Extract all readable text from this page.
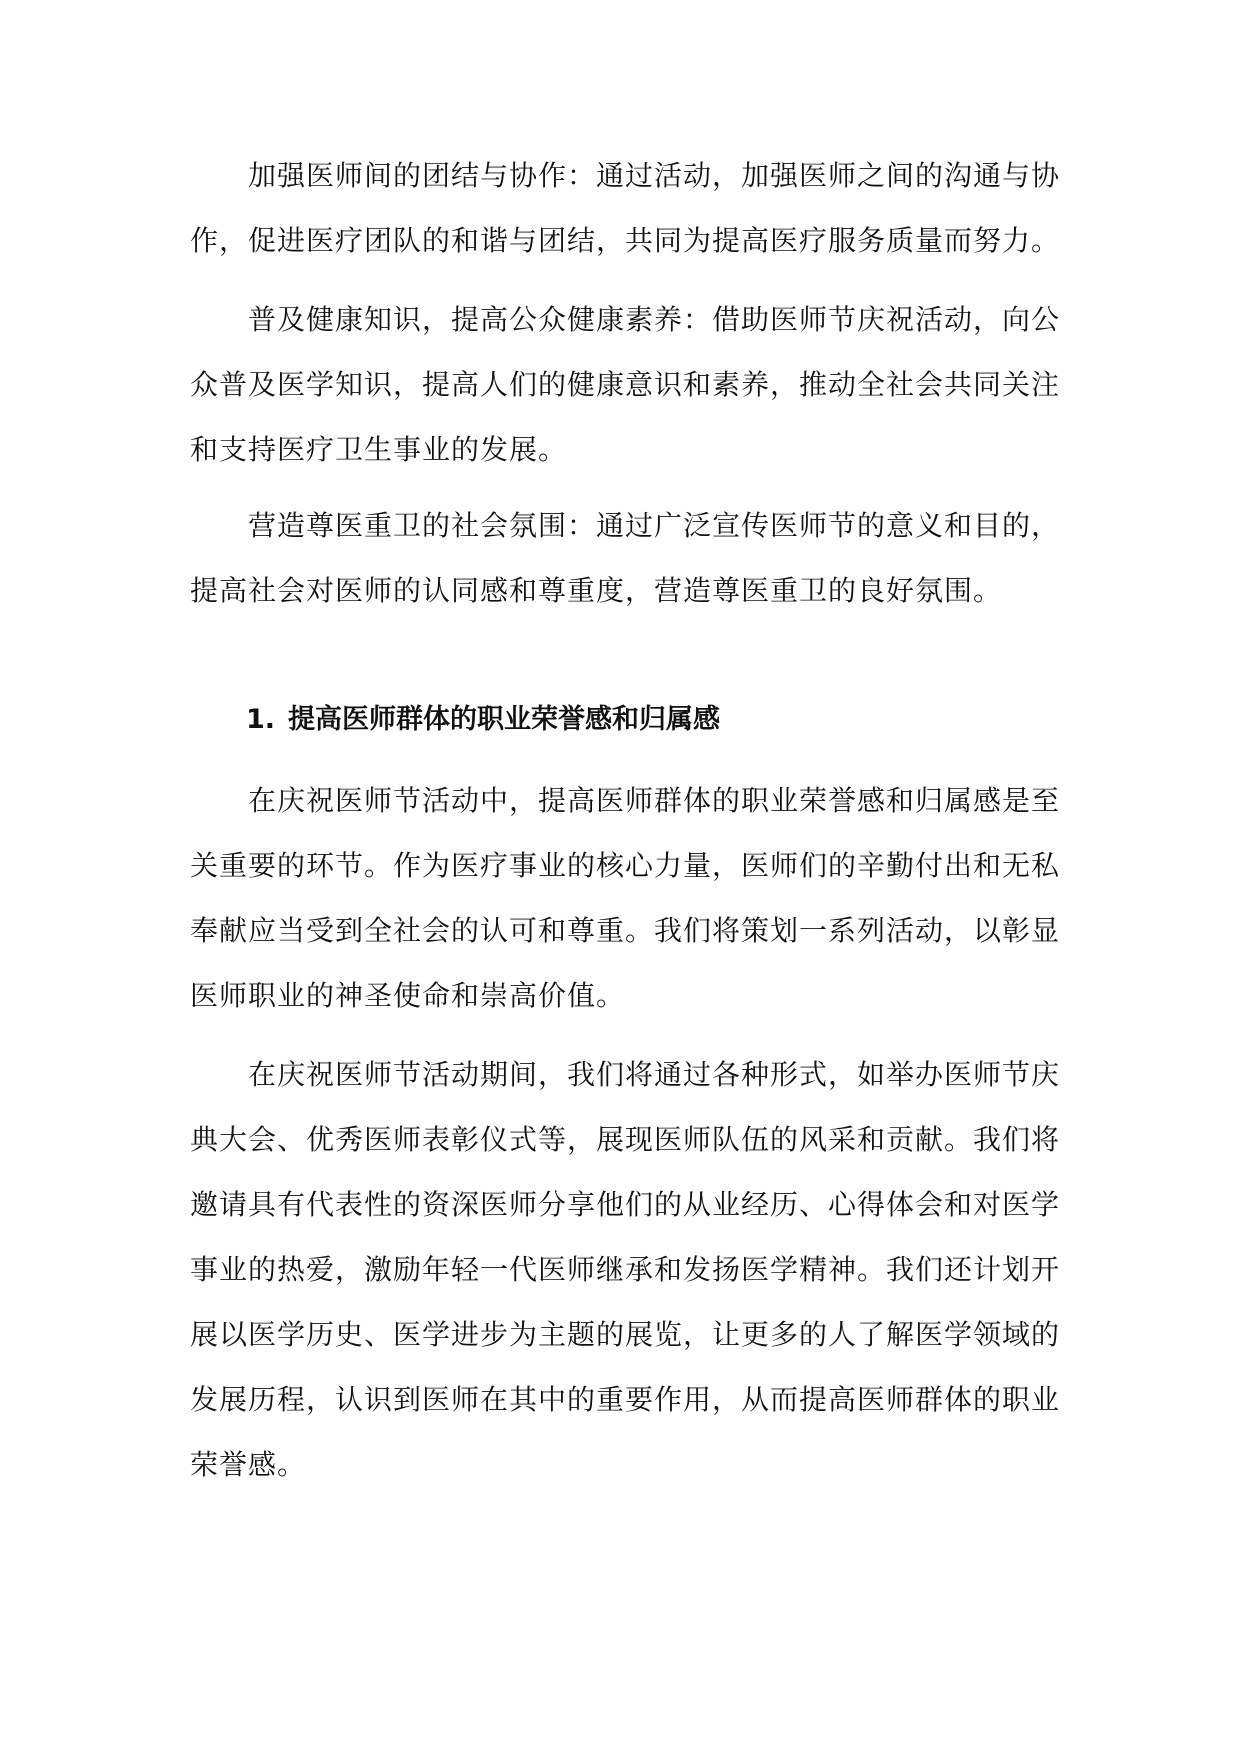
加强医师间的团结与协作：通过活动，加强医师之间的沟通与协作，促进医疗团队的和谐与团结，共同为提高医疗服务质量而努力。

普及健康知识，提高公众健康素养：借助医师节庆祝活动，向公众普及医学知识，提高人们的健康意识和素养，推动全社会共同关注和支持医疗卫生事业的发展。

营造尊医重卫的社会氛围：通过广泛宣传医师节的意义和目的，提高社会对医师的认同感和尊重度，营造尊医重卫的良好氛围。

1. 提高医师群体的职业荣誉感和归属感

在庆祝医师节活动中，提高医师群体的职业荣誉感和归属感是至关重要的环节。作为医疗事业的核心力量，医师们的辛勤付出和无私奉献应当受到全社会的认可和尊重。我们将策划一系列活动，以彰显医师职业的神圣使命和崇高价值。

在庆祝医师节活动期间，我们将通过各种形式，如举办医师节庆典大会、优秀医师表彰仪式等，展现医师队伍的风采和贡献。我们将邀请具有代表性的资深医师分享他们的从业经历、心得体会和对医学事业的热爱，激励年轻一代医师继承和发扬医学精神。我们还计划开展以医学历史、医学进步为主题的展览，让更多的人了解医学领域的发展历程，认识到医师在其中的重要作用，从而提高医师群体的职业荣誉感。
